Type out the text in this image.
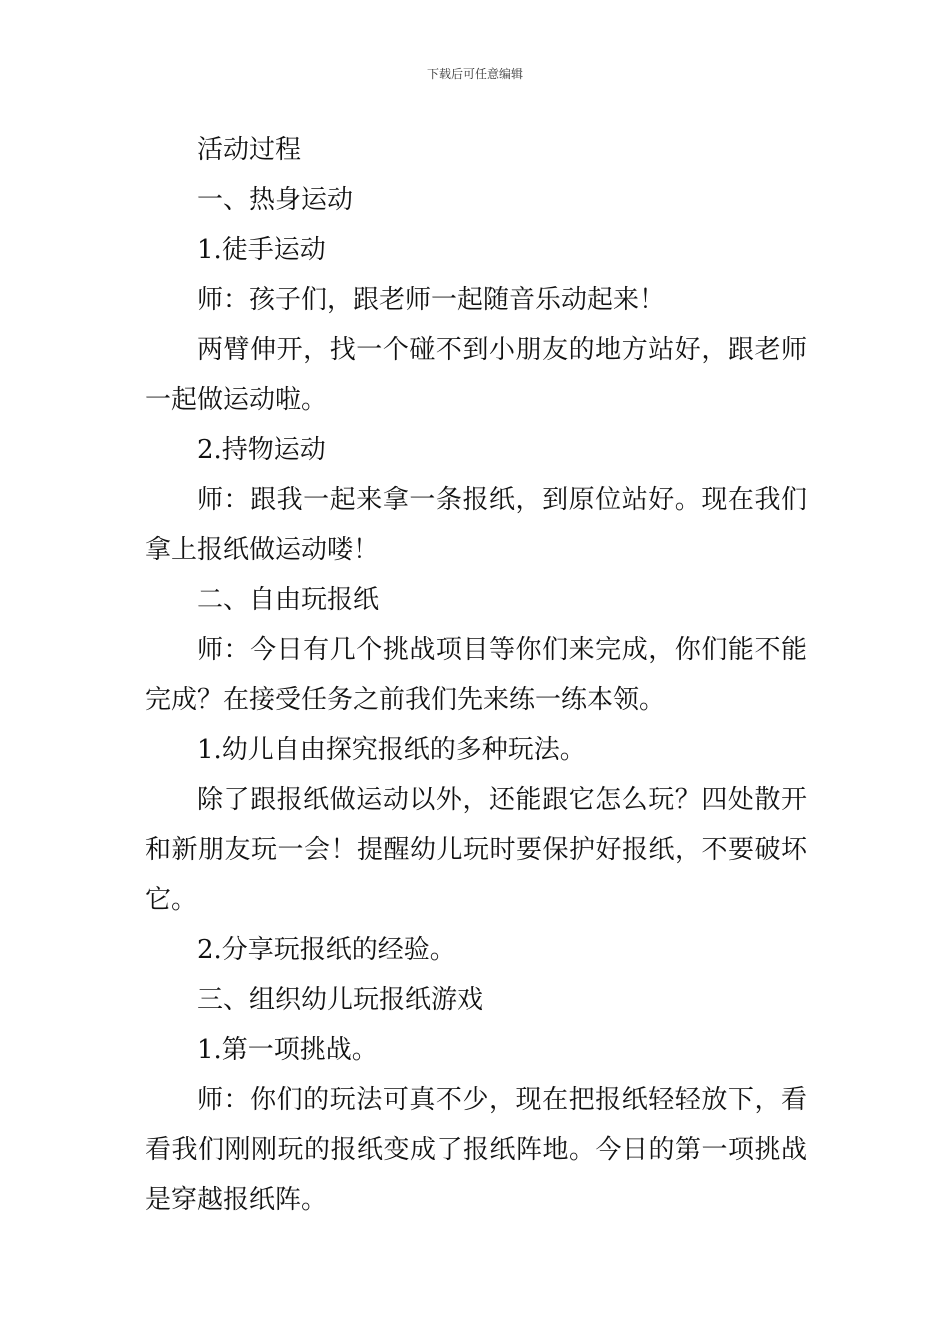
下载后可任意编辑

活动过程

一、热身运动

1.徒手运动

师：孩子们，跟老师一起随音乐动起来！

两臂伸开，找一个碰不到小朋友的地方站好，跟老师一起做运动啦。

2.持物运动

师：跟我一起来拿一条报纸，到原位站好。现在我们拿上报纸做运动喽！

二、自由玩报纸

师：今日有几个挑战项目等你们来完成，你们能不能完成？在接受任务之前我们先来练一练本领。

1.幼儿自由探究报纸的多种玩法。

除了跟报纸做运动以外，还能跟它怎么玩？四处散开和新朋友玩一会！提醒幼儿玩时要保护好报纸，不要破坏它。

2.分享玩报纸的经验。

三、组织幼儿玩报纸游戏

1.第一项挑战。

师：你们的玩法可真不少，现在把报纸轻轻放下，看看我们刚刚玩的报纸变成了报纸阵地。今日的第一项挑战是穿越报纸阵。
